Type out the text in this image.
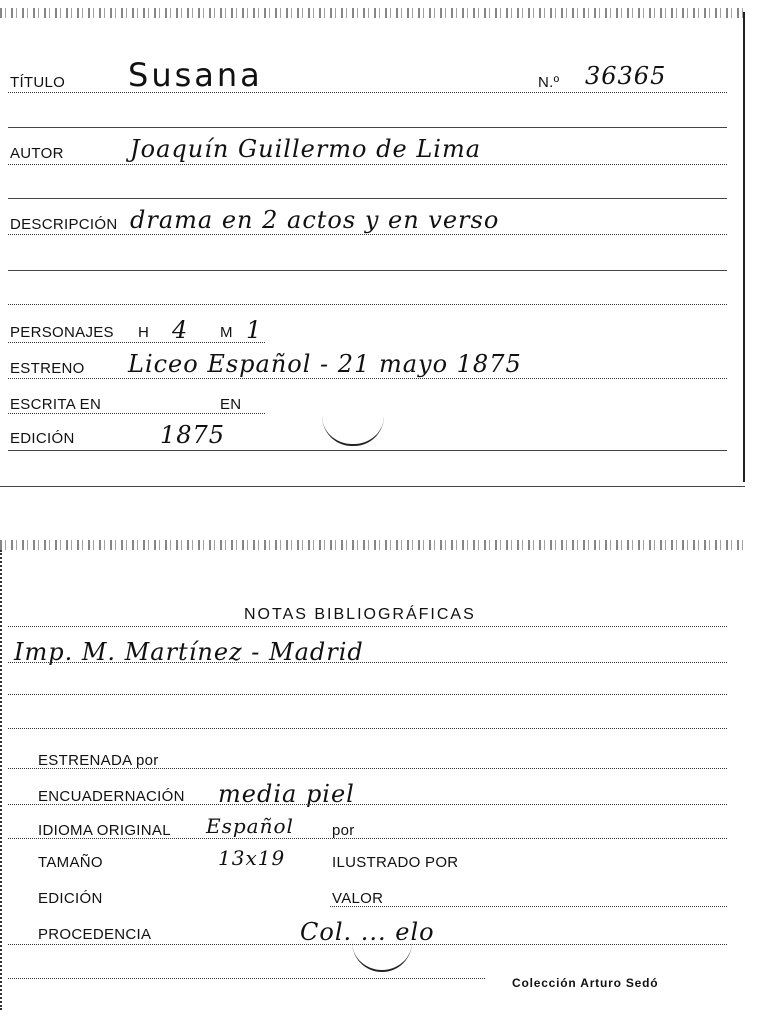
TÍTULO Susana	N.º 36365
AUTOR	Joaquín Guillermo de Lima
DESCRIPCIÓN drama en 2 actos y en verso
PERSONAJES H 4 M 1
ESTRENO Liceo Español - 21 mayo 1875
ESCRITA EN	EN
EDICIÓN	1875
NOTAS BIBLIOGRÁFICAS
Imp. M. Martínez - Madrid
ESTRENADA por
ENCUADERNACIÓN media piel
IDIOMA ORIGINAL Español	por
TAMAÑO	13x19	ILUSTRADO POR
EDICIÓN	VALOR
PROCEDENCIA	Col. ... elo
Colección Arturo Sedó
